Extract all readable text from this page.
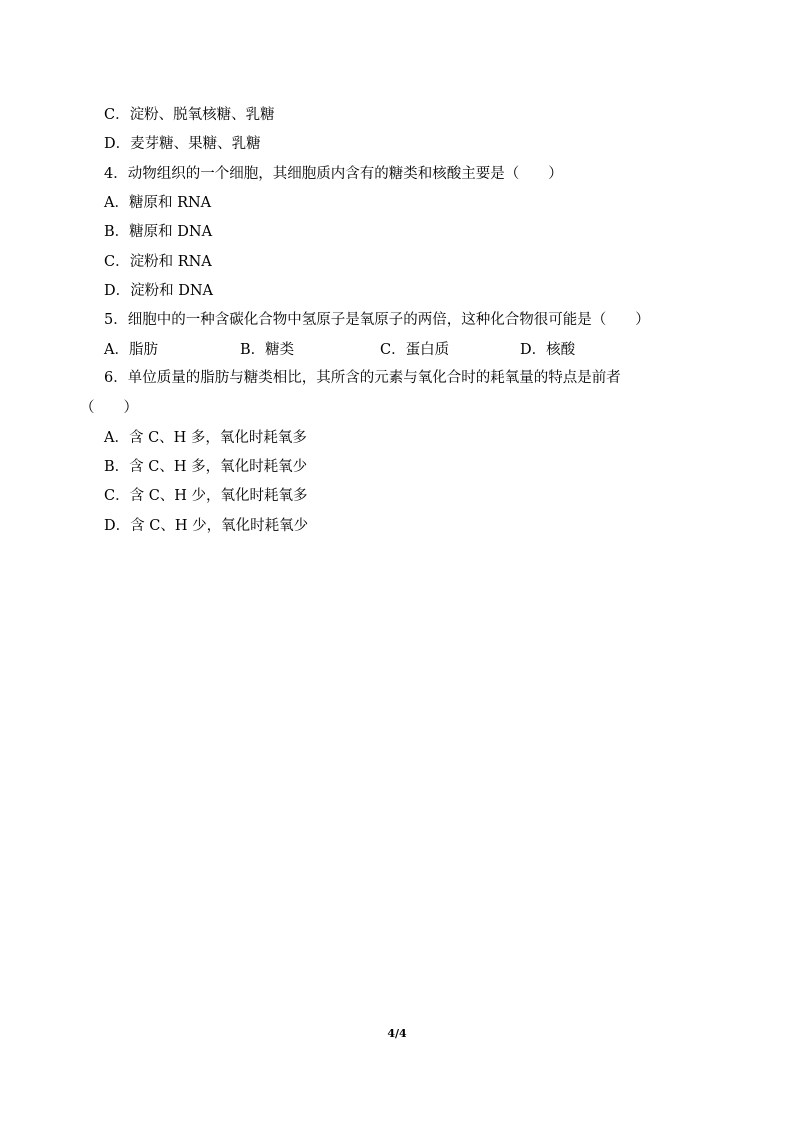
C．淀粉、脱氧核糖、乳糖
D．麦芽糖、果糖、乳糖
4．动物组织的一个细胞，其细胞质内含有的糖类和核酸主要是（　　）
A．糖原和 RNA
B．糖原和 DNA
C．淀粉和 RNA
D．淀粉和 DNA
5．细胞中的一种含碳化合物中氢原子是氧原子的两倍，这种化合物很可能是（　　）
A．脂肪	B．糖类	C．蛋白质	D．核酸
6．单位质量的脂肪与糖类相比，其所含的元素与氧化合时的耗氧量的特点是前者
（　　）
A．含 C、H 多，氧化时耗氧多
B．含 C、H 多，氧化时耗氧少
C．含 C、H 少，氧化时耗氧多
D．含 C、H 少，氧化时耗氧少
4/4
